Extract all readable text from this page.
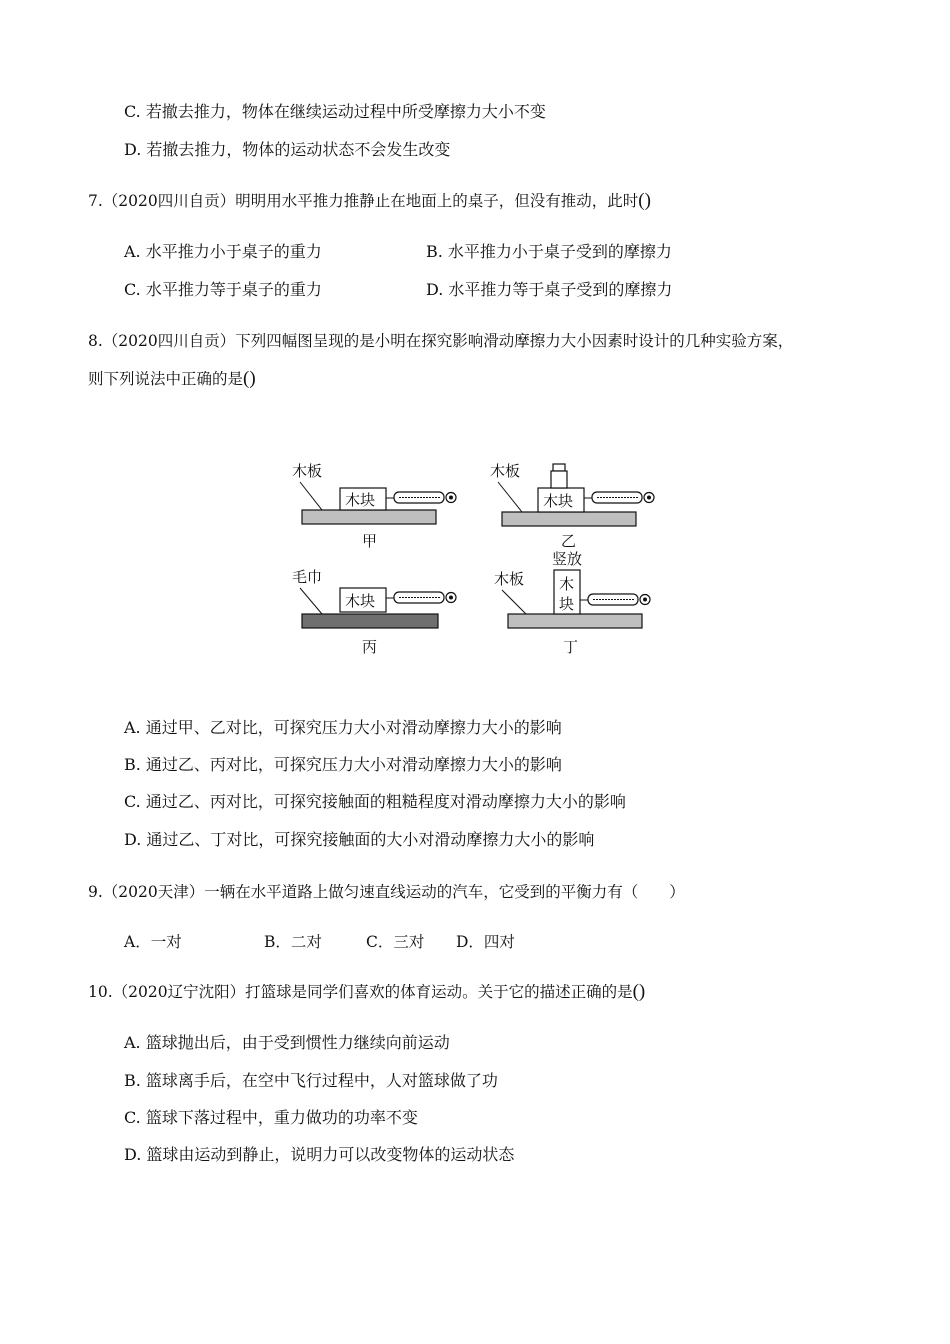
C. 若撤去推力，物体在继续运动过程中所受摩擦力大小不变
D. 若撤去推力，物体的运动状态不会发生改变
7.（2020四川自贡）明明用水平推力推静止在地面上的桌子，但没有推动，此时()
A. 水平推力小于桌子的重力	B. 水平推力小于桌子受到的摩擦力
C. 水平推力等于桌子的重力	D. 水平推力等于桌子受到的摩擦力
8.（2020四川自贡）下列四幅图呈现的是小明在探究影响滑动摩擦力大小因素时设计的几种实验方案，
则下列说法中正确的是()
木板
木块
甲
木板
木块
乙
毛巾
木块
丙
竖放
木板 木
块
丁
A. 通过甲、乙对比，可探究压力大小对滑动摩擦力大小的影响
B. 通过乙、丙对比，可探究压力大小对滑动摩擦力大小的影响
C. 通过乙、丙对比，可探究接触面的粗糙程度对滑动摩擦力大小的影响
D. 通过乙、丁对比，可探究接触面的大小对滑动摩擦力大小的影响
9.（2020天津）一辆在水平道路上做匀速直线运动的汽车，它受到的平衡力有（　　）
A．一对	B．二对	C．三对 D．四对
10.（2020辽宁沈阳）打篮球是同学们喜欢的体育运动。关于它的描述正确的是()
A. 篮球抛出后，由于受到惯性力继续向前运动
B. 篮球离手后，在空中飞行过程中，人对篮球做了功
C. 篮球下落过程中，重力做功的功率不变
D. 篮球由运动到静止，说明力可以改变物体的运动状态
